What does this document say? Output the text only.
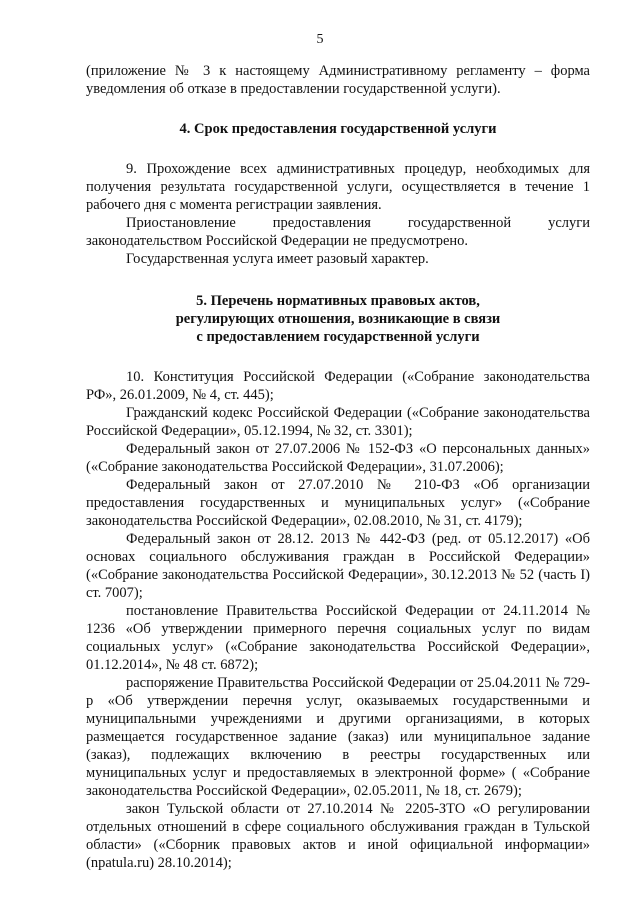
5

(приложение № 3 к настоящему Административному регламенту – форма уведомления об отказе в предоставлении государственной услуги).

4. Срок предоставления государственной услуги

9. Прохождение всех административных процедур, необходимых для получения результата государственной услуги, осуществляется в течение 1 рабочего дня с момента регистрации заявления.

Приостановление предоставления государственной услуги законодательством Российской Федерации не предусмотрено.

Государственная услуга имеет разовый характер.

5. Перечень нормативных правовых актов,
регулирующих отношения, возникающие в связи
с предоставлением государственной услуги

10. Конституция Российской Федерации («Собрание законодательства РФ», 26.01.2009, № 4, ст. 445);

Гражданский кодекс Российской Федерации («Собрание законодательства Российской Федерации», 05.12.1994, № 32, ст. 3301);

Федеральный закон от 27.07.2006 № 152-ФЗ «О персональных данных» («Собрание законодательства Российской Федерации», 31.07.2006);

Федеральный закон от 27.07.2010 № 210-ФЗ «Об организации предоставления государственных и муниципальных услуг» («Собрание законодательства Российской Федерации», 02.08.2010, № 31, ст. 4179);

Федеральный закон от 28.12. 2013 № 442-ФЗ (ред. от 05.12.2017) «Об основах социального обслуживания граждан в Российской Федерации» («Собрание законодательства Российской Федерации», 30.12.2013 № 52 (часть I) ст. 7007);

постановление Правительства Российской Федерации от 24.11.2014 № 1236 «Об утверждении примерного перечня социальных услуг по видам социальных услуг» («Собрание законодательства Российской Федерации», 01.12.2014», № 48 ст. 6872);

распоряжение Правительства Российской Федерации от 25.04.2011 № 729-р «Об утверждении перечня услуг, оказываемых государственными и муниципальными учреждениями и другими организациями, в которых размещается государственное задание (заказ) или муниципальное задание (заказ), подлежащих включению в реестры государственных или муниципальных услуг и предоставляемых в электронной форме» ( «Собрание законодательства Российской Федерации», 02.05.2011, № 18, ст. 2679);

закон Тульской области от 27.10.2014 № 2205-ЗТО «О регулировании отдельных отношений в сфере социального обслуживания граждан в Тульской области» («Сборник правовых актов и иной официальной информации» (npatula.ru) 28.10.2014);
